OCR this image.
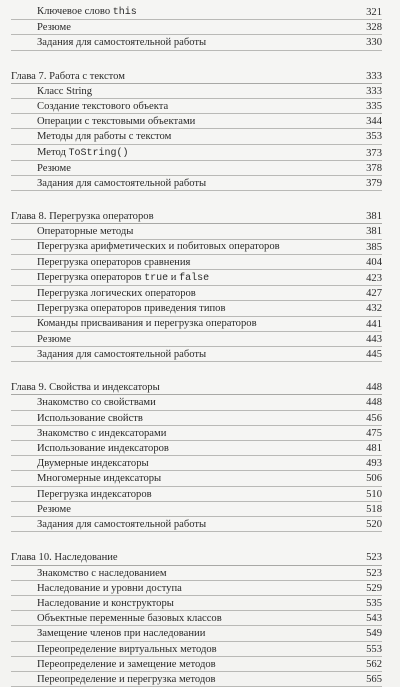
Ключевое слово this	321
Резюме	328
Задания для самостоятельной работы	330
Глава 7. Работа с текстом	333
Класс String	333
Создание текстового объекта	335
Операции с текстовыми объектами	344
Методы для работы с текстом	353
Метод ToString()	373
Резюме	378
Задания для самостоятельной работы	379
Глава 8. Перегрузка операторов	381
Операторные методы	381
Перегрузка арифметических и побитовых операторов	385
Перегрузка операторов сравнения	404
Перегрузка операторов true и false	423
Перегрузка логических операторов	427
Перегрузка операторов приведения типов	432
Команды присваивания и перегрузка операторов	441
Резюме	443
Задания для самостоятельной работы	445
Глава 9. Свойства и индексаторы	448
Знакомство со свойствами	448
Использование свойств	456
Знакомство с индексаторами	475
Использование индексаторов	481
Двумерные индексаторы	493
Многомерные индексаторы	506
Перегрузка индексаторов	510
Резюме	518
Задания для самостоятельной работы	520
Глава 10. Наследование	523
Знакомство с наследованием	523
Наследование и уровни доступа	529
Наследование и конструкторы	535
Объектные переменные базовых классов	543
Замещение членов при наследовании	549
Переопределение виртуальных методов	553
Переопределение и замещение методов	562
Переопределение и перегрузка методов	565
